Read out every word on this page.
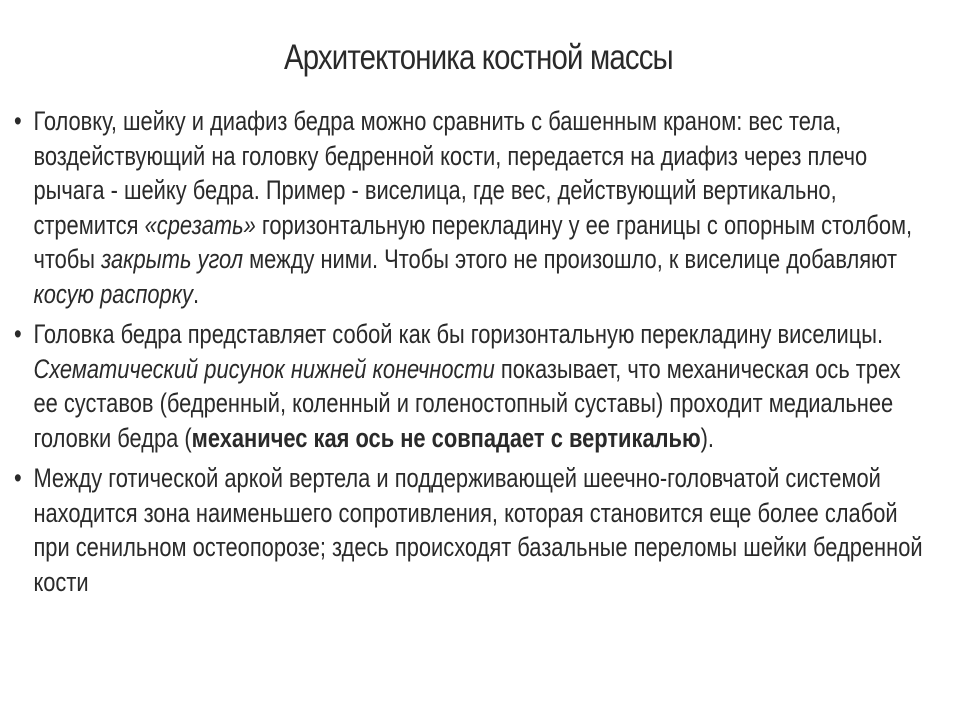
Архитектоника костной массы
• Головку, шейку и диафиз бедра можно сравнить с башенным краном: вес тела, воздействующий на головку бедренной кости, передается на диафиз через плечо рычага - шейку бедра. Пример - виселица, где вес, действующий вертикально, стремится «срезать» горизонтальную перекладину у ее границы с опорным столбом, чтобы закрыть угол между ними. Чтобы этого не произошло, к виселице добавляют косую распорку.
• Головка бедра представляет собой как бы горизонтальную перекладину виселицы. Схематический рисунок нижней конечности показывает, что механическая ось трех ее суставов (бедренный, коленный и голеностопный суставы) проходит медиальнее головки бедра (механичес кая ось не совпадает с вертикалью).
• Между готической аркой вертела и поддерживающей шеечно-головчатой системой находится зона наименьшего сопротивления, которая становится еще более слабой при сенильном остеопорозе; здесь происходят базальные переломы шейки бедренной кости
